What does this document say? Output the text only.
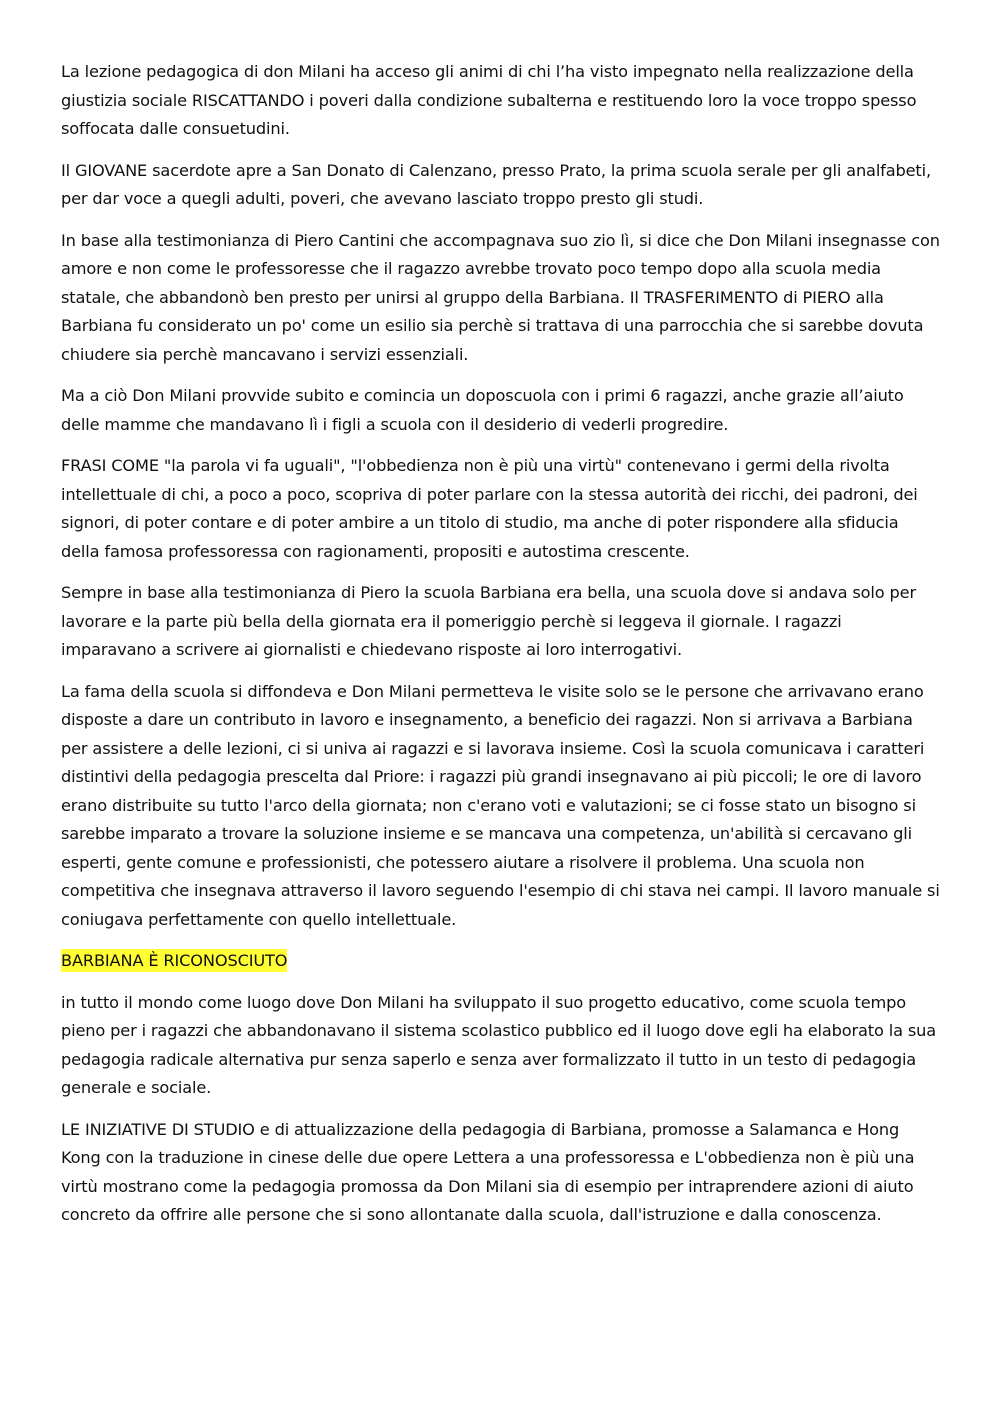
La lezione pedagogica di don Milani ha acceso gli animi di chi l’ha visto impegnato nella realizzazione della giustizia sociale RISCATTANDO i poveri dalla condizione subalterna e restituendo loro la voce troppo spesso soffocata dalle consuetudini.

Il GIOVANE sacerdote apre a San Donato di Calenzano, presso Prato, la prima scuola serale per gli analfabeti, per dar voce a quegli adulti, poveri, che avevano lasciato troppo presto gli studi.

In base alla testimonianza di Piero Cantini che accompagnava suo zio lì, si dice che Don Milani insegnasse con amore e non come le professoresse che il ragazzo avrebbe trovato poco tempo dopo alla scuola media statale, che abbandonò ben presto per unirsi al gruppo della Barbiana. Il TRASFERIMENTO di PIERO alla Barbiana fu considerato un po' come un esilio sia perchè si trattava di una parrocchia che si sarebbe dovuta chiudere sia perchè mancavano i servizi essenziali.

Ma a ciò Don Milani provvide subito e comincia un doposcuola con i primi 6 ragazzi, anche grazie all’aiuto delle mamme che mandavano lì i figli a scuola con il desiderio di vederli progredire.

FRASI COME "la parola vi fa uguali", "l'obbedienza non è più una virtù" contenevano i germi della rivolta intellettuale di chi, a poco a poco, scopriva di poter parlare con la stessa autorità dei ricchi, dei padroni, dei signori, di poter contare e di poter ambire a un titolo di studio, ma anche di poter rispondere alla sfiducia della famosa professoressa con ragionamenti, propositi e autostima crescente.

Sempre in base alla testimonianza di Piero la scuola Barbiana era bella, una scuola dove si andava solo per lavorare e la parte più bella della giornata era il pomeriggio perchè si leggeva il giornale. I ragazzi imparavano a scrivere ai giornalisti e chiedevano risposte ai loro interrogativi.

La fama della scuola si diffondeva e Don Milani permetteva le visite solo se le persone che arrivavano erano disposte a dare un contributo in lavoro e insegnamento, a beneficio dei ragazzi. Non si arrivava a Barbiana per assistere a delle lezioni, ci si univa ai ragazzi e si lavorava insieme. Così la scuola comunicava i caratteri distintivi della pedagogia prescelta dal Priore: i ragazzi più grandi insegnavano ai più piccoli; le ore di lavoro erano distribuite su tutto l'arco della giornata; non c'erano voti e valutazioni; se ci fosse stato un bisogno si sarebbe imparato a trovare la soluzione insieme e se mancava una competenza, un'abilità si cercavano gli esperti, gente comune e professionisti, che potessero aiutare a risolvere il problema. Una scuola non competitiva che insegnava attraverso il lavoro seguendo l'esempio di chi stava nei campi. Il lavoro manuale si coniugava perfettamente con quello intellettuale.

BARBIANA È RICONOSCIUTO

in tutto il mondo come luogo dove Don Milani ha sviluppato il suo progetto educativo, come scuola tempo pieno per i ragazzi che abbandonavano il sistema scolastico pubblico ed il luogo dove egli ha elaborato la sua pedagogia radicale alternativa pur senza saperlo e senza aver formalizzato il tutto in un testo di pedagogia generale e sociale.

LE INIZIATIVE DI STUDIO e di attualizzazione della pedagogia di Barbiana, promosse a Salamanca e Hong Kong con la traduzione in cinese delle due opere Lettera a una professoressa e L'obbedienza non è più una virtù mostrano come la pedagogia promossa da Don Milani sia di esempio per intraprendere azioni di aiuto concreto da offrire alle persone che si sono allontanate dalla scuola, dall'istruzione e dalla conoscenza.
